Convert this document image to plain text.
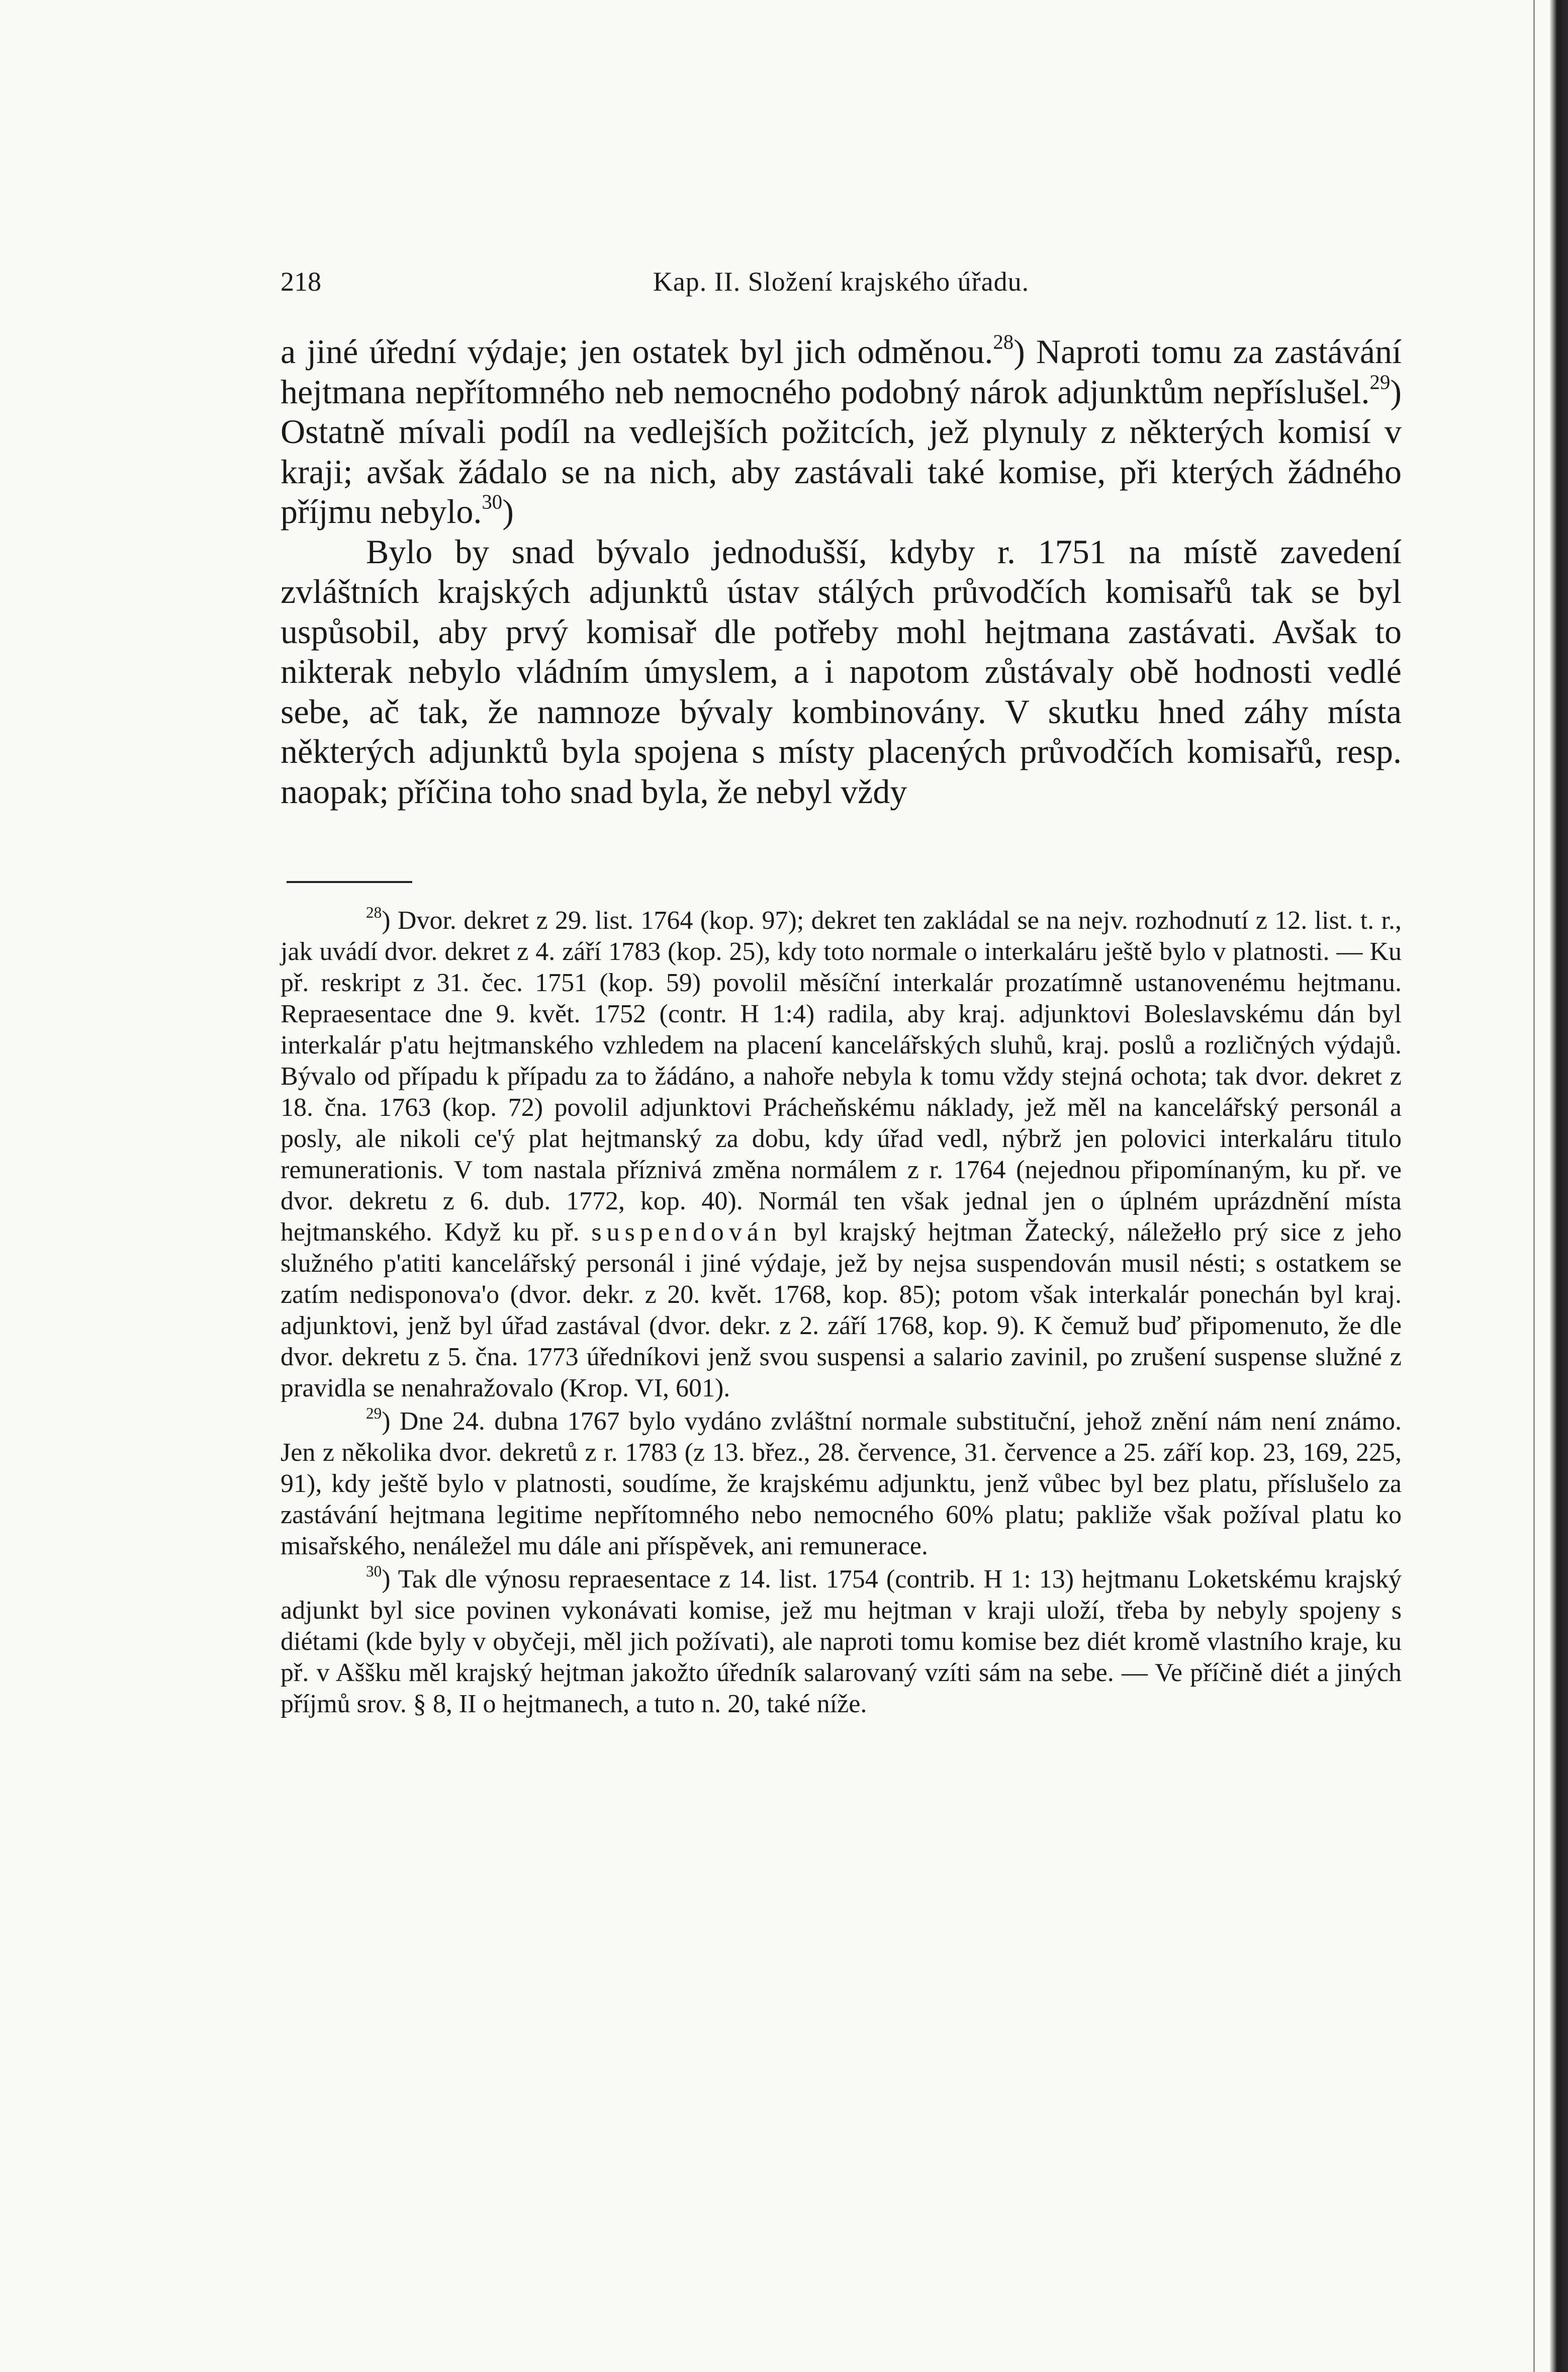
218	Kap. II. Složení krajského úřadu.

a jiné úřední výdaje; jen ostatek byl jich odměnou.$^{28}$) Naproti tomu za zastávání hejtmana nepřítomného neb nemocného podobný nárok adjunktům nepříslušel.$^{29}$) Ostatně mívali podíl na vedlejších požitcích, jež plynuly z některých komisí v kraji; avšak žádalo se na nich, aby zastávali také komise, při kterých žádného příjmu nebylo.$^{30}$)

Bylo by snad bývalo jednodušší, kdyby r. 1751 na místě zavedení zvláštních krajských adjunktů ústav stálých průvodčích komisařů tak se byl uspůsobil, aby prvý komisař dle potřeby mohl hejtmana zastávati. Avšak to nikterak nebylo vládním úmyslem, a i napotom zůstávaly obě hodnosti vedlé sebe, ač tak, že namnoze bývaly kombinovány. V skutku hned záhy místa některých adjunktů byla spojena s místy placených průvodčích komisařů, resp. naopak; příčina toho snad byla, že nebyl vždy

$^{28}$) Dvor. dekret z 29. list. 1764 (kop. 97); dekret ten zakládal se na nejv. rozhodnutí z 12. list. t. r., jak uvádí dvor. dekret z 4. září 1783 (kop. 25), kdy toto normale o interkaláru ještě bylo v platnosti. — Ku př. reskript z 31. čec. 1751 (kop. 59) povolil měsíční interkalár prozatímně ustanovenému hejtmanu. Repraesentace dne 9. květ. 1752 (contr. H 1:4) radila, aby kraj. adjunktovi Boleslavskému dán byl interkalár p'atu hejtmanského vzhledem na placení kancelářských sluhů, kraj. poslů a rozličných výdajů. Bývalo od případu k případu za to žádáno, a nahoře nebyla k tomu vždy stejná ochota; tak dvor. dekret z 18. čna. 1763 (kop. 72) povolil adjunktovi Prácheňskému náklady, jež měl na kancelářský personál a posly, ale nikoli ce'ý plat hejtmanský za dobu, kdy úřad vedl, nýbrž jen polovici interkaláru titulo remunerationis. V tom nastala příznivá změna normálem z r. 1764 (nejednou připomínaným, ku př. ve dvor. dekretu z 6. dub. 1772, kop. 40). Normál ten však jednal jen o úplném uprázdnění místa hejtmanského. Když ku př. suspendován byl krajský hejtman Žatecký, náležełlo prý sice z jeho služného p'atiti kancelářský personál i jiné výdaje, jež by nejsa suspendován musil nésti; s ostatkem se zatím nedisponova'o (dvor. dekr. z 20. květ. 1768, kop. 85); potom však interkalár ponechán byl kraj. adjunktovi, jenž byl úřad zastával (dvor. dekr. z 2. září 1768, kop. 9). K čemuž buď připomenuto, že dle dvor. dekretu z 5. čna. 1773 úředníkovi jenž svou suspensi a salario zavinil, po zrušení suspense služné z pravidla se nenahražovalo (Krop. VI, 601).

$^{29}$) Dne 24. dubna 1767 bylo vydáno zvláštní normale substituční, jehož znění nám není známo. Jen z několika dvor. dekretů z r. 1783 (z 13. břez., 28. července, 31. července a 25. září kop. 23, 169, 225, 91), kdy ještě bylo v platnosti, soudíme, že krajskému adjunktu, jenž vůbec byl bez platu, příslušelo za zastávání hejtmana legitime nepřítomného nebo nemocného 60% platu; pakliže však požíval platu ko misařského, nenáležel mu dále ani příspěvek, ani remunerace.

$^{30}$) Tak dle výnosu repraesentace z 14. list. 1754 (contrib. H 1: 13) hejtmanu Loketskému krajský adjunkt byl sice povinen vykonávati komise, jež mu hejtman v kraji uloží, třeba by nebyly spojeny s diétami (kde byly v obyčeji, měl jich požívati), ale naproti tomu komise bez diét kromě vlastního kraje, ku př. v Aššku měl krajský hejtman jakožto úředník salarovaný vzíti sám na sebe. — Ve příčině diét a jiných příjmů srov. § 8, II o hejtmanech, a tuto n. 20, také níže.
